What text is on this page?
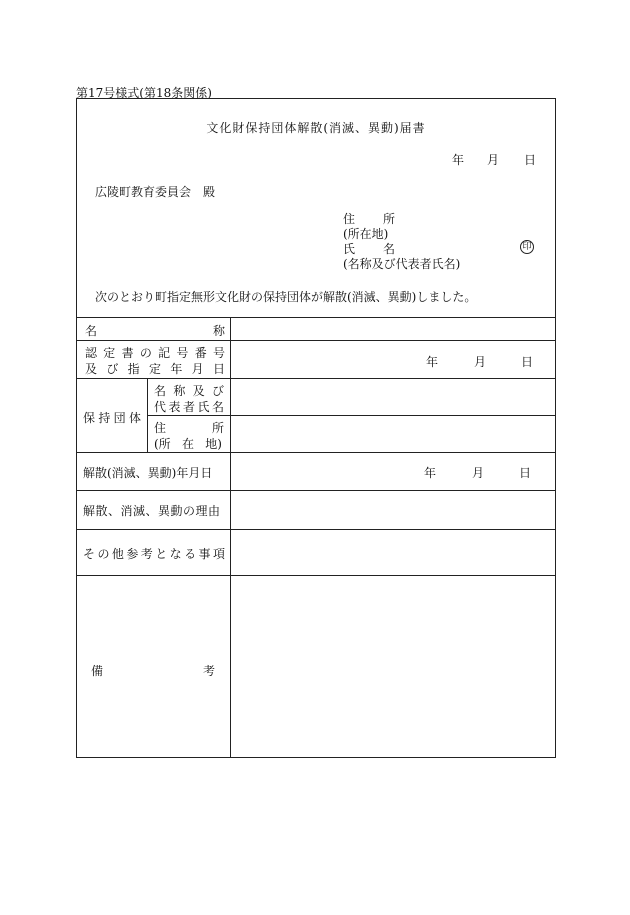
第17号様式(第18条関係)
文化財保持団体解散(消滅、異動)届書
年 月 日
広陵町教育委員会　殿
住 所
(所在地)
氏 名
(名称及び代表者氏名)
印
次のとおり町指定無形文化財の保持団体が解散(消滅、異動)しました。
名	称
認 定 書 の 記 号 番 号
及 び 指 定 年 月 日	年	月	日
保 持 団 体
名 称 及 び
代 表 者 氏 名
住	所
(所 在 地)
解散(消滅、異動)年月日	年	月	日
解散、消滅、異動の理由
そ の 他 参 考 と な る 事 項
備	考
